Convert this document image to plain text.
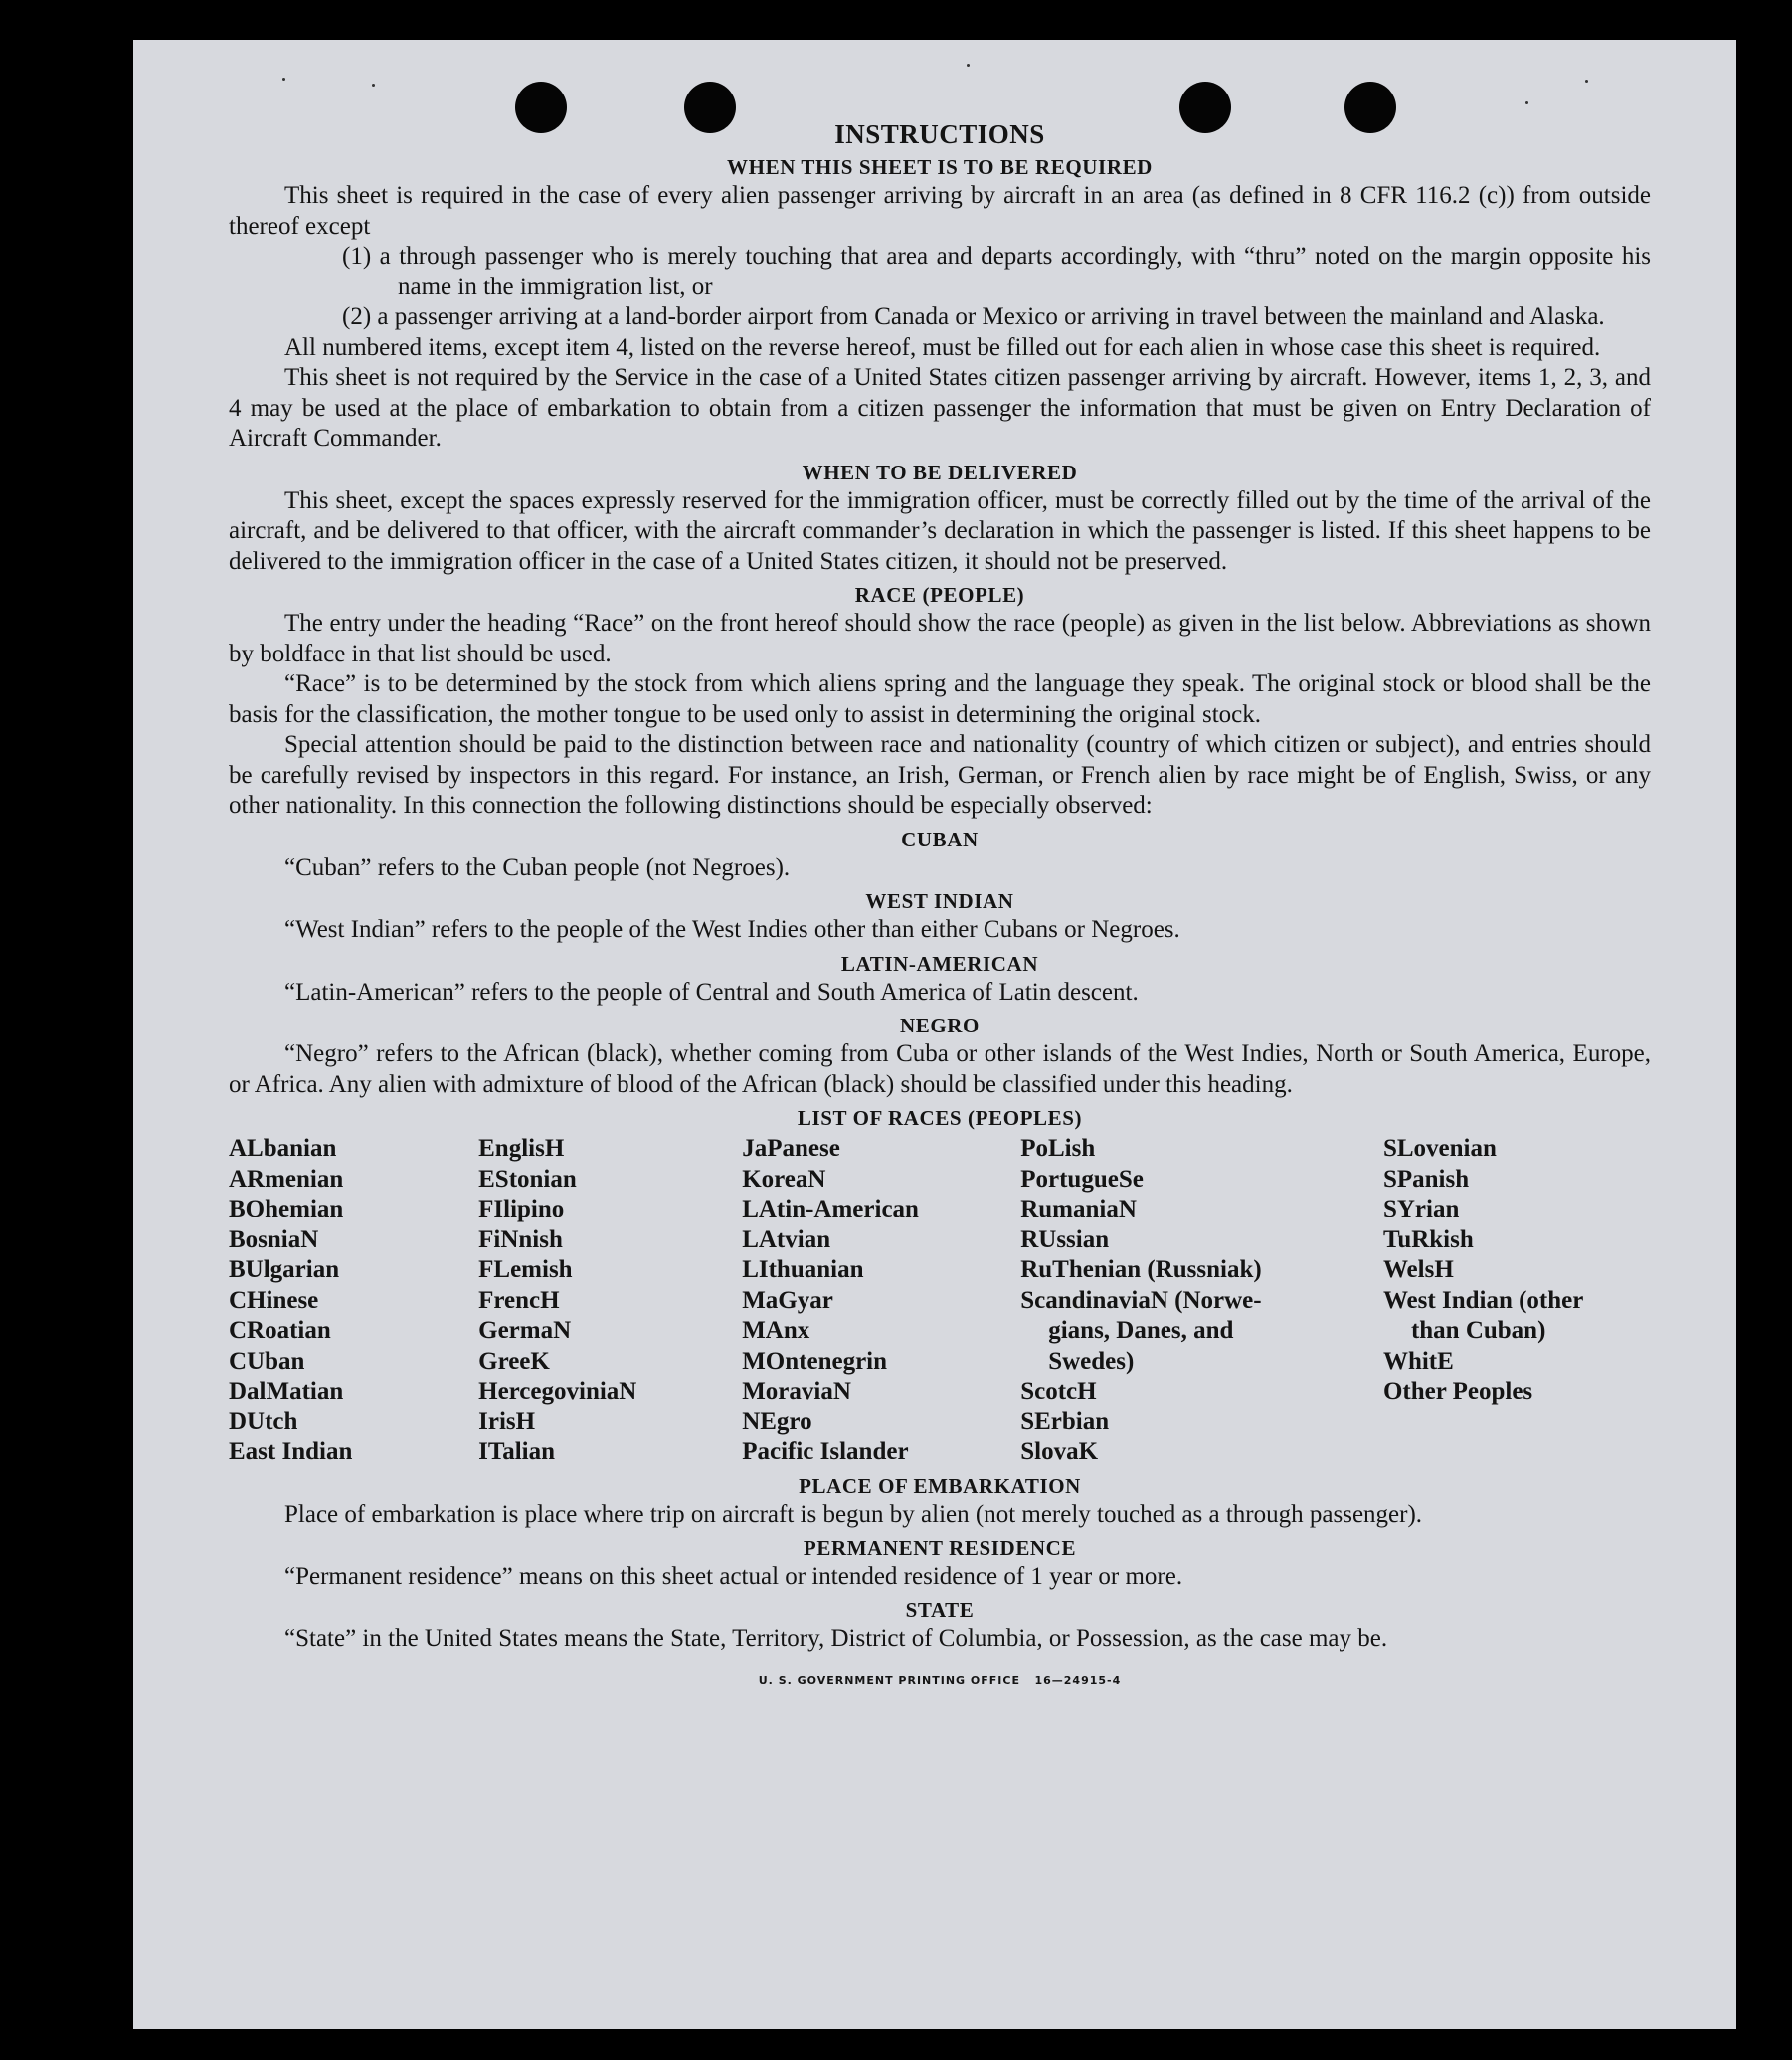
INSTRUCTIONS
WHEN THIS SHEET IS TO BE REQUIRED

This sheet is required in the case of every alien passenger arriving by aircraft in an area (as defined in 8 CFR 116.2 (c)) from outside thereof except

(1) a through passenger who is merely touching that area and departs accordingly, with “thru” noted on the margin opposite his name in the immigration list, or

(2) a passenger arriving at a land-border airport from Canada or Mexico or arriving in travel between the mainland and Alaska.

All numbered items, except item 4, listed on the reverse hereof, must be filled out for each alien in whose case this sheet is required.

This sheet is not required by the Service in the case of a United States citizen passenger arriving by aircraft. However, items 1, 2, 3, and 4 may be used at the place of embarkation to obtain from a citizen passenger the information that must be given on Entry Declaration of Aircraft Commander.

WHEN TO BE DELIVERED

This sheet, except the spaces expressly reserved for the immigration officer, must be correctly filled out by the time of the arrival of the aircraft, and be delivered to that officer, with the aircraft commander’s declaration in which the passenger is listed. If this sheet happens to be delivered to the immigration officer in the case of a United States citizen, it should not be preserved.

RACE (PEOPLE)

The entry under the heading “Race” on the front hereof should show the race (people) as given in the list below. Abbreviations as shown by boldface in that list should be used.

“Race” is to be determined by the stock from which aliens spring and the language they speak. The original stock or blood shall be the basis for the classification, the mother tongue to be used only to assist in determining the original stock.

Special attention should be paid to the distinction between race and nationality (country of which citizen or subject), and entries should be carefully revised by inspectors in this regard. For instance, an Irish, German, or French alien by race might be of English, Swiss, or any other nationality. In this connection the following distinctions should be especially observed:

CUBAN

“Cuban” refers to the Cuban people (not Negroes).

WEST INDIAN

“West Indian” refers to the people of the West Indies other than either Cubans or Negroes.

LATIN-AMERICAN

“Latin-American” refers to the people of Central and South America of Latin descent.

NEGRO

“Negro” refers to the African (black), whether coming from Cuba or other islands of the West Indies, North or South America, Europe, or Africa. Any alien with admixture of blood of the African (black) should be classified under this heading.

LIST OF RACES (PEOPLES)
ALbanian
ARmenian
BOhemian
BosniaN
BUlgarian
CHinese
CRoatian
CUban
DalMatian
DUtch
East Indian
EnglisH
EStonian
FIlipino
FiNnish
FLemish
FrencH
GermaN
GreeK
HercegoviniaN
IrisH
ITalian
JaPanese
KoreaN
LAtin-American
LAtvian
LIthuanian
MaGyar
MAnx
MOntenegrin
MoraviaN
NEgro
Pacific Islander
PoLish
PortugueSe
RumaniaN
RUssian
RuThenian (Russniak)
ScandinaviaN (Norwe-
gians, Danes, and
Swedes)
ScotcH
SErbian
SlovaK
SLovenian
SPanish
SYrian
TuRkish
WelsH
West Indian (other
than Cuban)
WhitE
Other Peoples
PLACE OF EMBARKATION

Place of embarkation is place where trip on aircraft is begun by alien (not merely touched as a through passenger).

PERMANENT RESIDENCE

“Permanent residence” means on this sheet actual or intended residence of 1 year or more.

STATE

“State” in the United States means the State, Territory, District of Columbia, or Possession, as the case may be.

U. S. GOVERNMENT PRINTING OFFICE   16—24915-4
